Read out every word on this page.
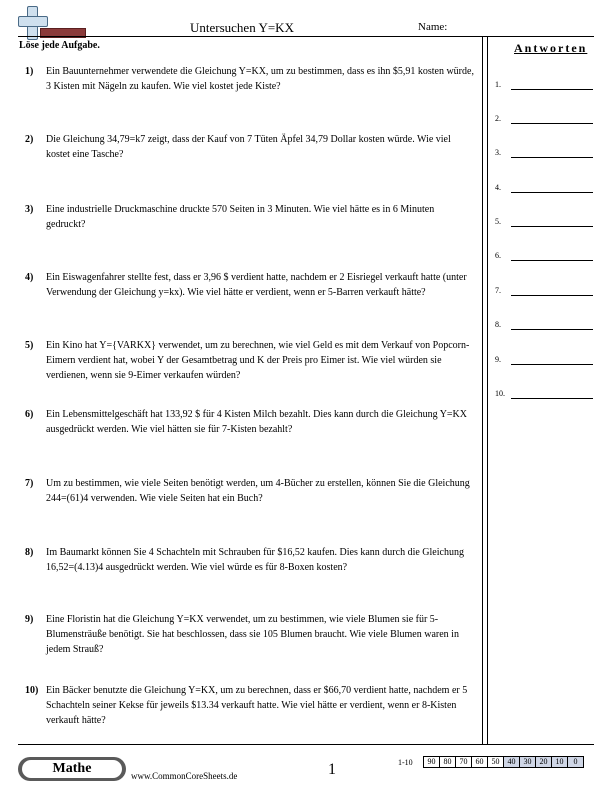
Untersuchen Y=KX	Name:
Löse jede Aufgabe.	Antworten
1.
2.
3.
4.
5.
6.
7.
8.
9.
10.
1) Ein Bauunternehmer verwendete die Gleichung Y=KX, um zu bestimmen, dass es ihn $5,91 kosten würde, 3 Kisten mit Nägeln zu kaufen. Wie viel kostet jede Kiste?
2) Die Gleichung 34,79=k7 zeigt, dass der Kauf von 7 Tüten Äpfel 34,79 Dollar kosten würde. Wie viel kostet eine Tasche?
3) Eine industrielle Druckmaschine druckte 570 Seiten in 3 Minuten. Wie viel hätte es in 6 Minuten gedruckt?
4) Ein Eiswagenfahrer stellte fest, dass er 3,96 $ verdient hatte, nachdem er 2 Eisriegel verkauft hatte (unter Verwendung der Gleichung y=kx). Wie viel hätte er verdient, wenn er 5-Barren verkauft hätte?
5) Ein Kino hat Y={VARKX} verwendet, um zu berechnen, wie viel Geld es mit dem Verkauf von Popcorn-Eimern verdient hat, wobei Y der Gesamtbetrag und K der Preis pro Eimer ist. Wie viel würden sie verdienen, wenn sie 9-Eimer verkaufen würden?
6) Ein Lebensmittelgeschäft hat 133,92 $ für 4 Kisten Milch bezahlt. Dies kann durch die Gleichung Y=KX ausgedrückt werden. Wie viel hätten sie für 7-Kisten bezahlt?
7) Um zu bestimmen, wie viele Seiten benötigt werden, um 4-Bücher zu erstellen, können Sie die Gleichung 244=(61)4 verwenden. Wie viele Seiten hat ein Buch?
8) Im Baumarkt können Sie 4 Schachteln mit Schrauben für $16,52 kaufen. Dies kann durch die Gleichung 16,52=(4.13)4 ausgedrückt werden. Wie viel würde es für 8-Boxen kosten?
9) Eine Floristin hat die Gleichung Y=KX verwendet, um zu bestimmen, wie viele Blumen sie für 5-Blumensträuße benötigt. Sie hat beschlossen, dass sie 105 Blumen braucht. Wie viele Blumen waren in jedem Strauß?
10) Ein Bäcker benutzte die Gleichung Y=KX, um zu berechnen, dass er $66,70 verdient hatte, nachdem er 5 Schachteln seiner Kekse für jeweils $13.34 verkauft hatte. Wie viel hätte er verdient, wenn er 8-Kisten verkauft hätte?
Mathe	www.CommonCoreSheets.de	1	1-10 90	80	70	60	50	40	30	20	10	0
